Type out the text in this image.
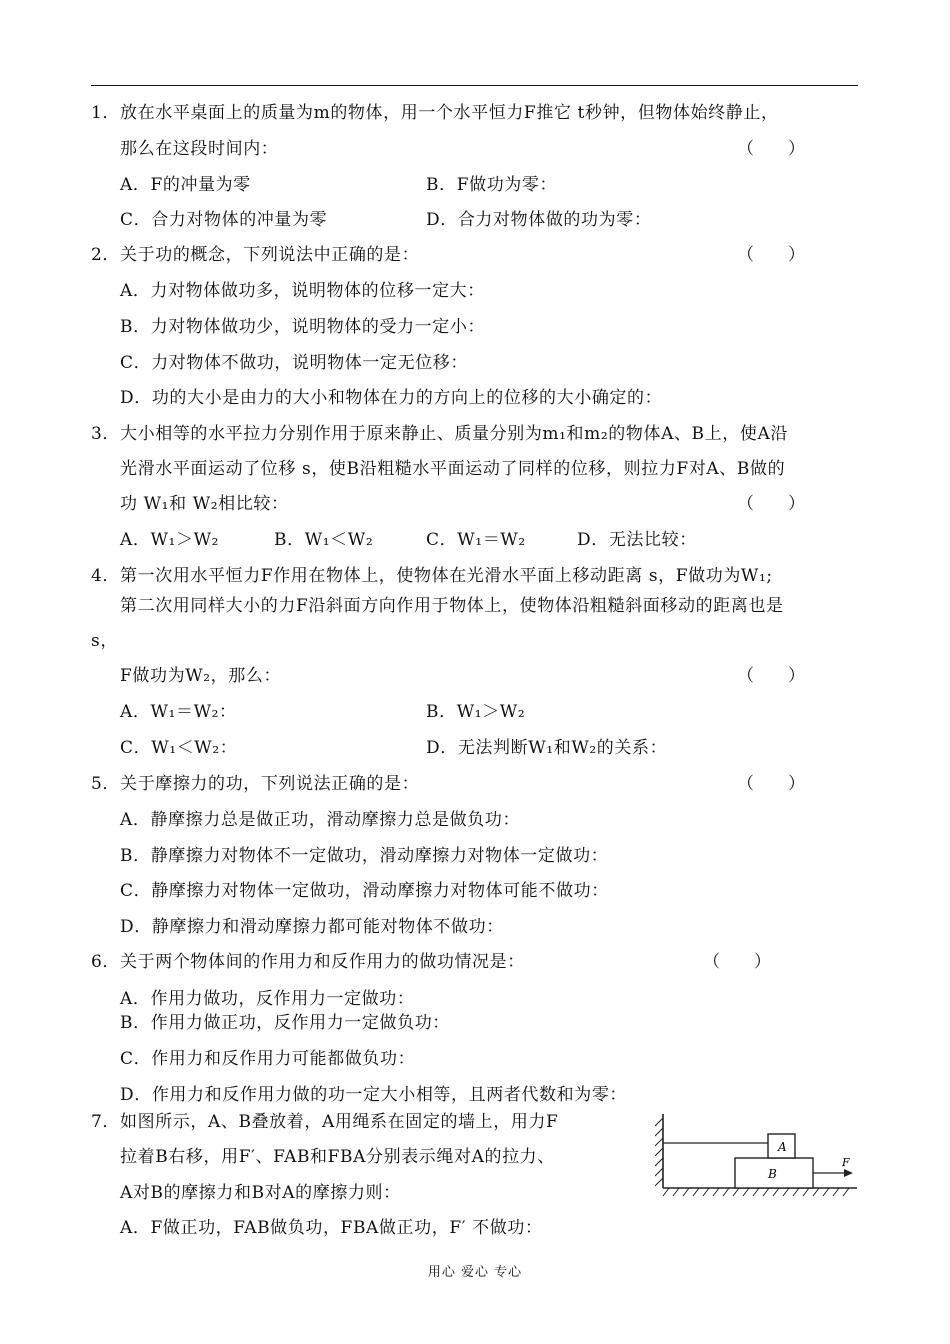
1．放在水平桌面上的质量为m的物体，用一个水平恒力F推它 t秒钟，但物体始终静止，
那么在这段时间内：	（　　）
A．F的冲量为零	B．F做功为零：
C．合力对物体的冲量为零	D．合力对物体做的功为零：
2．关于功的概念，下列说法中正确的是：	（　　）
A．力对物体做功多，说明物体的位移一定大：
B．力对物体做功少，说明物体的受力一定小：
C．力对物体不做功，说明物体一定无位移：
D．功的大小是由力的大小和物体在力的方向上的位移的大小确定的：
3．大小相等的水平拉力分别作用于原来静止、质量分别为m₁和m₂的物体A、B上，使A沿
光滑水平面运动了位移 s，使B沿粗糙水平面运动了同样的位移，则拉力F对A、B做的
功 W₁和 W₂相比较：	（　　）
A．W₁＞W₂	B．W₁＜W₂	C．W₁＝W₂	D．无法比较：
4．第一次用水平恒力F作用在物体上，使物体在光滑水平面上移动距离 s，F做功为W₁;
第二次用同样大小的力F沿斜面方向作用于物体上，使物体沿粗糙斜面移动的距离也是
s，
F做功为W₂，那么：	（　　）
A．W₁＝W₂：	B．W₁＞W₂
C．W₁＜W₂：	D．无法判断W₁和W₂的关系：
5．关于摩擦力的功，下列说法正确的是：	（　　）
A．静摩擦力总是做正功，滑动摩擦力总是做负功：
B．静摩擦力对物体不一定做功，滑动摩擦力对物体一定做功：
C．静摩擦力对物体一定做功，滑动摩擦力对物体可能不做功：
D．静摩擦力和滑动摩擦力都可能对物体不做功：
6．关于两个物体间的作用力和反作用力的做功情况是：	（　　）
A．作用力做功，反作用力一定做功：
B．作用力做正功，反作用力一定做负功：
C．作用力和反作用力可能都做负功：
D．作用力和反作用力做的功一定大小相等，且两者代数和为零：
7．如图所示，A、B叠放着，A用绳系在固定的墙上，用力F
拉着B右移，用F′、FAB和FBA分别表示绳对A的拉力、
A对B的摩擦力和B对A的摩擦力则：
A．F做正功，FAB做负功，FBA做正功，F′ 不做功：
A
B
F
用心 爱心 专心
